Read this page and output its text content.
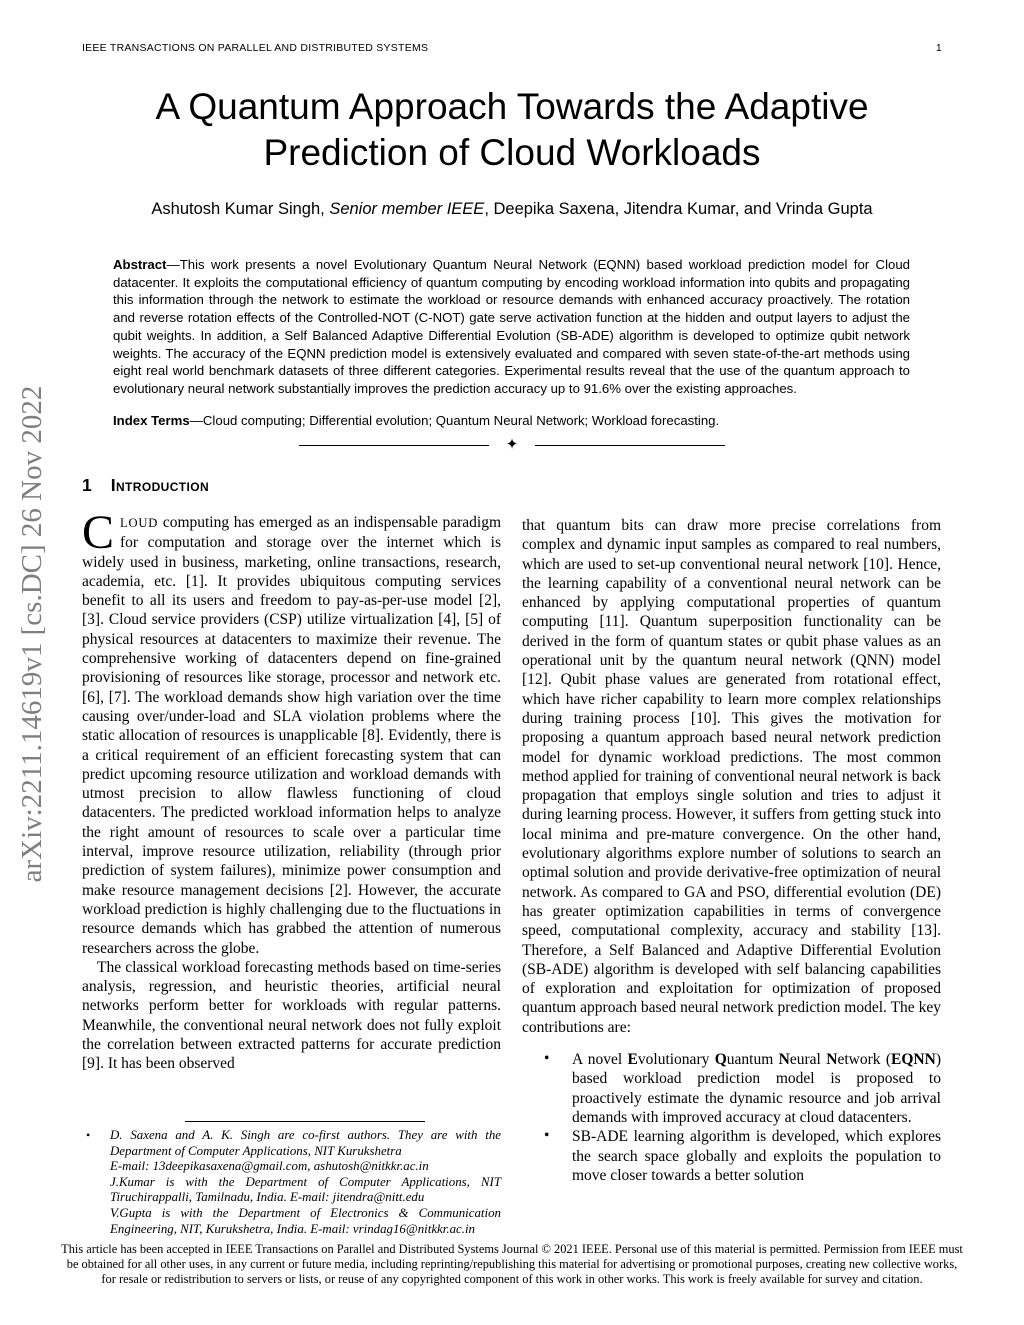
IEEE TRANSACTIONS ON PARALLEL AND DISTRIBUTED SYSTEMS	1
arXiv:2211.14619v1 [cs.DC] 26 Nov 2022
A Quantum Approach Towards the Adaptive Prediction of Cloud Workloads
Ashutosh Kumar Singh, Senior member IEEE, Deepika Saxena, Jitendra Kumar, and Vrinda Gupta
Abstract—This work presents a novel Evolutionary Quantum Neural Network (EQNN) based workload prediction model for Cloud datacenter. It exploits the computational efficiency of quantum computing by encoding workload information into qubits and propagating this information through the network to estimate the workload or resource demands with enhanced accuracy proactively. The rotation and reverse rotation effects of the Controlled-NOT (C-NOT) gate serve activation function at the hidden and output layers to adjust the qubit weights. In addition, a Self Balanced Adaptive Differential Evolution (SB-ADE) algorithm is developed to optimize qubit network weights. The accuracy of the EQNN prediction model is extensively evaluated and compared with seven state-of-the-art methods using eight real world benchmark datasets of three different categories. Experimental results reveal that the use of the quantum approach to evolutionary neural network substantially improves the prediction accuracy up to 91.6% over the existing approaches.
Index Terms—Cloud computing; Differential evolution; Quantum Neural Network; Workload forecasting.
✦
1 Introduction
CLOUD computing has emerged as an indispensable paradigm for computation and storage over the internet which is widely used in business, marketing, online transactions, research, academia, etc. [1]. It provides ubiquitous computing services benefit to all its users and freedom to pay-as-per-use model [2], [3]. Cloud service providers (CSP) utilize virtualization [4], [5] of physical resources at datacenters to maximize their revenue. The comprehensive working of datacenters depend on fine-grained provisioning of resources like storage, processor and network etc. [6], [7]. The workload demands show high variation over the time causing over/under-load and SLA violation problems where the static allocation of resources is unapplicable [8]. Evidently, there is a critical requirement of an efficient forecasting system that can predict upcoming resource utilization and workload demands with utmost precision to allow flawless functioning of cloud datacenters. The predicted workload information helps to analyze the right amount of resources to scale over a particular time interval, improve resource utilization, reliability (through prior prediction of system failures), minimize power consumption and make resource management decisions [2]. However, the accurate workload prediction is highly challenging due to the fluctuations in resource demands which has grabbed the attention of numerous researchers across the globe.
The classical workload forecasting methods based on time-series analysis, regression, and heuristic theories, artificial neural networks perform better for workloads with regular patterns. Meanwhile, the conventional neural network does not fully exploit the correlation between extracted patterns for accurate prediction [9]. It has been observed
that quantum bits can draw more precise correlations from complex and dynamic input samples as compared to real numbers, which are used to set-up conventional neural network [10]. Hence, the learning capability of a conventional neural network can be enhanced by applying computational properties of quantum computing [11]. Quantum superposition functionality can be derived in the form of quantum states or qubit phase values as an operational unit by the quantum neural network (QNN) model [12]. Qubit phase values are generated from rotational effect, which have richer capability to learn more complex relationships during training process [10]. This gives the motivation for proposing a quantum approach based neural network prediction model for dynamic workload predictions. The most common method applied for training of conventional neural network is back propagation that employs single solution and tries to adjust it during learning process. However, it suffers from getting stuck into local minima and pre-mature convergence. On the other hand, evolutionary algorithms explore number of solutions to search an optimal solution and provide derivative-free optimization of neural network. As compared to GA and PSO, differential evolution (DE) has greater optimization capabilities in terms of convergence speed, computational complexity, accuracy and stability [13]. Therefore, a Self Balanced and Adaptive Differential Evolution (SB-ADE) algorithm is developed with self balancing capabilities of exploration and exploitation for optimization of proposed quantum approach based neural network prediction model. The key contributions are:
• A novel Evolutionary Quantum Neural Network (EQNN) based workload prediction model is proposed to proactively estimate the dynamic resource and job arrival demands with improved accuracy at cloud datacenters.
• SB-ADE learning algorithm is developed, which explores the search space globally and exploits the population to move closer towards a better solution
• D. Saxena and A. K. Singh are co-first authors. They are with the Department of Computer Applications, NIT Kurukshetra
E-mail: 13deepikasaxena@gmail.com, ashutosh@nitkkr.ac.in
J.Kumar is with the Department of Computer Applications, NIT Tiruchirappalli, Tamilnadu, India. E-mail: jitendra@nitt.edu
V.Gupta is with the Department of Electronics & Communication Engineering, NIT, Kurukshetra, India. E-mail: vrindag16@nitkkr.ac.in
This article has been accepted in IEEE Transactions on Parallel and Distributed Systems Journal © 2021 IEEE. Personal use of this material is permitted. Permission from IEEE must be obtained for all other uses, in any current or future media, including reprinting/republishing this material for advertising or promotional purposes, creating new collective works, for resale or redistribution to servers or lists, or reuse of any copyrighted component of this work in other works. This work is freely available for survey and citation.
